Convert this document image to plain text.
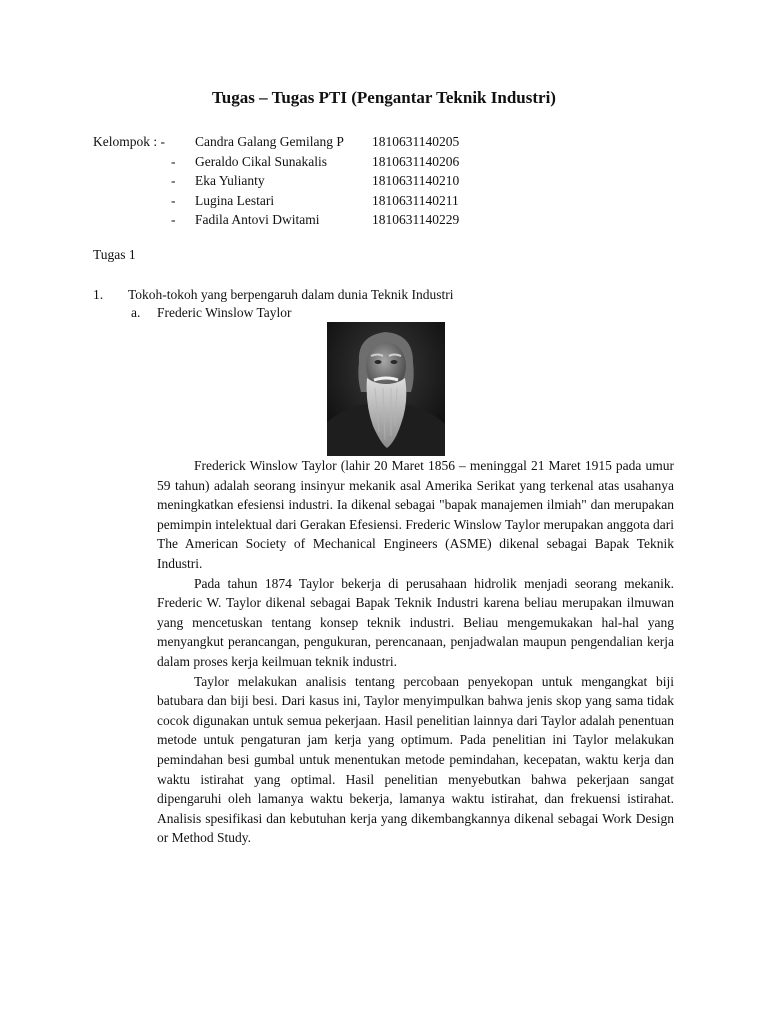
Tugas – Tugas PTI (Pengantar Teknik Industri)
Kelompok : -	Candra Galang Gemilang P	1810631140205
-	Geraldo Cikal Sunakalis	1810631140206
-	Eka Yulianty	1810631140210
-	Lugina Lestari	1810631140211
-	Fadila Antovi Dwitami	1810631140229
Tugas 1
1. Tokoh-tokoh yang berpengaruh dalam dunia Teknik Industri
a. Frederic Winslow Taylor

Frederick Winslow Taylor (lahir 20 Maret 1856 – meninggal 21 Maret 1915 pada umur 59 tahun) adalah seorang insinyur mekanik asal Amerika Serikat yang terkenal atas usahanya meningkatkan efesiensi industri. Ia dikenal sebagai "bapak manajemen ilmiah" dan merupakan pemimpin intelektual dari Gerakan Efesiensi. Frederic Winslow Taylor merupakan anggota dari The American Society of Mechanical Engineers (ASME) dikenal sebagai Bapak Teknik Industri.

Pada tahun 1874 Taylor bekerja di perusahaan hidrolik menjadi seorang mekanik. Frederic W. Taylor dikenal sebagai Bapak Teknik Industri karena beliau merupakan ilmuwan yang mencetuskan tentang konsep teknik industri. Beliau mengemukakan hal-hal yang menyangkut perancangan, pengukuran, perencanaan, penjadwalan maupun pengendalian kerja dalam proses kerja keilmuan teknik industri.

Taylor melakukan analisis tentang percobaan penyekopan untuk mengangkat biji batubara dan biji besi. Dari kasus ini, Taylor menyimpulkan bahwa jenis skop yang sama tidak cocok digunakan untuk semua pekerjaan. Hasil penelitian lainnya dari Taylor adalah penentuan metode untuk pengaturan jam kerja yang optimum. Pada penelitian ini Taylor melakukan pemindahan besi gumbal untuk menentukan metode pemindahan, kecepatan, waktu kerja dan waktu istirahat yang optimal. Hasil penelitian menyebutkan bahwa pekerjaan sangat dipengaruhi oleh lamanya waktu bekerja, lamanya waktu istirahat, dan frekuensi istirahat. Analisis spesifikasi dan kebutuhan kerja yang dikembangkannya dikenal sebagai Work Design or Method Study.
